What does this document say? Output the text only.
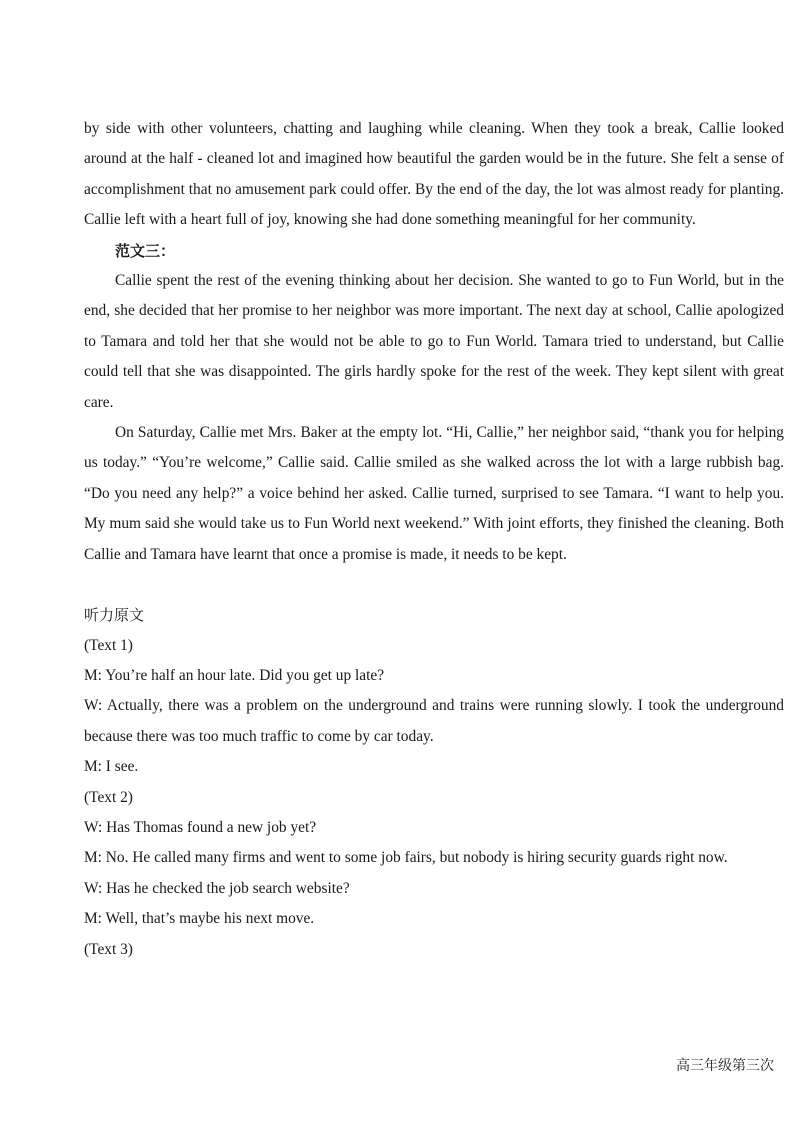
by side with other volunteers, chatting and laughing while cleaning. When they took a break, Callie looked around at the half - cleaned lot and imagined how beautiful the garden would be in the future. She felt a sense of accomplishment that no amusement park could offer. By the end of the day, the lot was almost ready for planting. Callie left with a heart full of joy, knowing she had done something meaningful for her community.

范文三：

Callie spent the rest of the evening thinking about her decision. She wanted to go to Fun World, but in the end, she decided that her promise to her neighbor was more important. The next day at school, Callie apologized to Tamara and told her that she would not be able to go to Fun World. Tamara tried to understand, but Callie could tell that she was disappointed. The girls hardly spoke for the rest of the week. They kept silent with great care.

On Saturday, Callie met Mrs. Baker at the empty lot. “Hi, Callie,” her neighbor said, “thank you for helping us today.” “You’re welcome,” Callie said. Callie smiled as she walked across the lot with a large rubbish bag. “Do you need any help?” a voice behind her asked. Callie turned, surprised to see Tamara. “I want to help you. My mum said she would take us to Fun World next weekend.” With joint efforts, they finished the cleaning. Both Callie and Tamara have learnt that once a promise is made, it needs to be kept.

听力原文

(Text 1)

M: You’re half an hour late. Did you get up late?

W: Actually, there was a problem on the underground and trains were running slowly. I took the underground because there was too much traffic to come by car today.

M: I see.

(Text 2)

W: Has Thomas found a new job yet?

M: No. He called many firms and went to some job fairs, but nobody is hiring security guards right now.

W: Has he checked the job search website?

M: Well, that’s maybe his next move.

(Text 3)

高三年级第三次
